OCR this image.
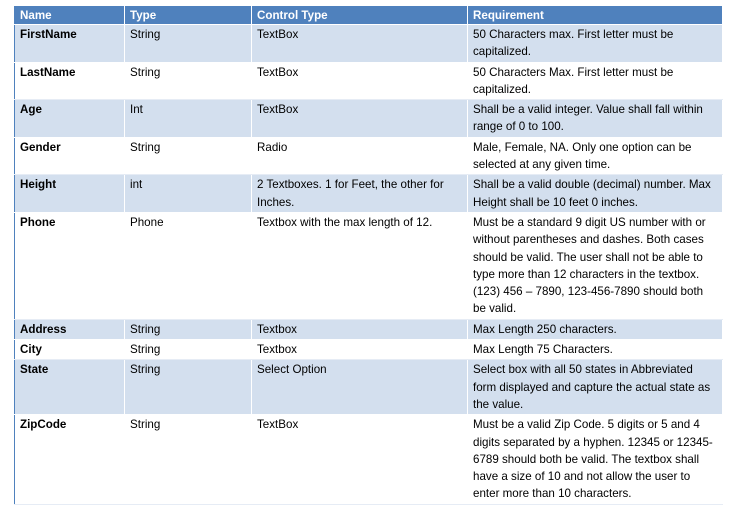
Name	Type	Control Type	Requirement
FirstName	String	TextBox	50 Characters max. First letter must be capitalized.
LastName	String	TextBox	50 Characters Max. First letter must be capitalized.
Age	Int	TextBox	Shall be a valid integer. Value shall fall within range of 0 to 100.
Gender	String	Radio	Male, Female, NA. Only one option can be selected at any given time.
Height	int	2 Textboxes. 1 for Feet, the other for Inches.	Shall be a valid double (decimal) number. Max Height shall be 10 feet 0 inches.
Phone	Phone	Textbox with the max length of 12.	Must be a standard 9 digit US number with or without parentheses and dashes. Both cases should be valid. The user shall not be able to type more than 12 characters in the textbox. (123) 456 – 7890, 123-456-7890 should both be valid.
Address	String	Textbox	Max Length 250 characters.
City	String	Textbox	Max Length 75 Characters.
State	String	Select Option	Select box with all 50 states in Abbreviated form displayed and capture the actual state as the value.
ZipCode	String	TextBox	Must be a valid Zip Code. 5 digits or 5 and 4 digits separated by a hyphen. 12345 or 12345-6789 should both be valid. The textbox shall have a size of 10 and not allow the user to enter more than 10 characters.
